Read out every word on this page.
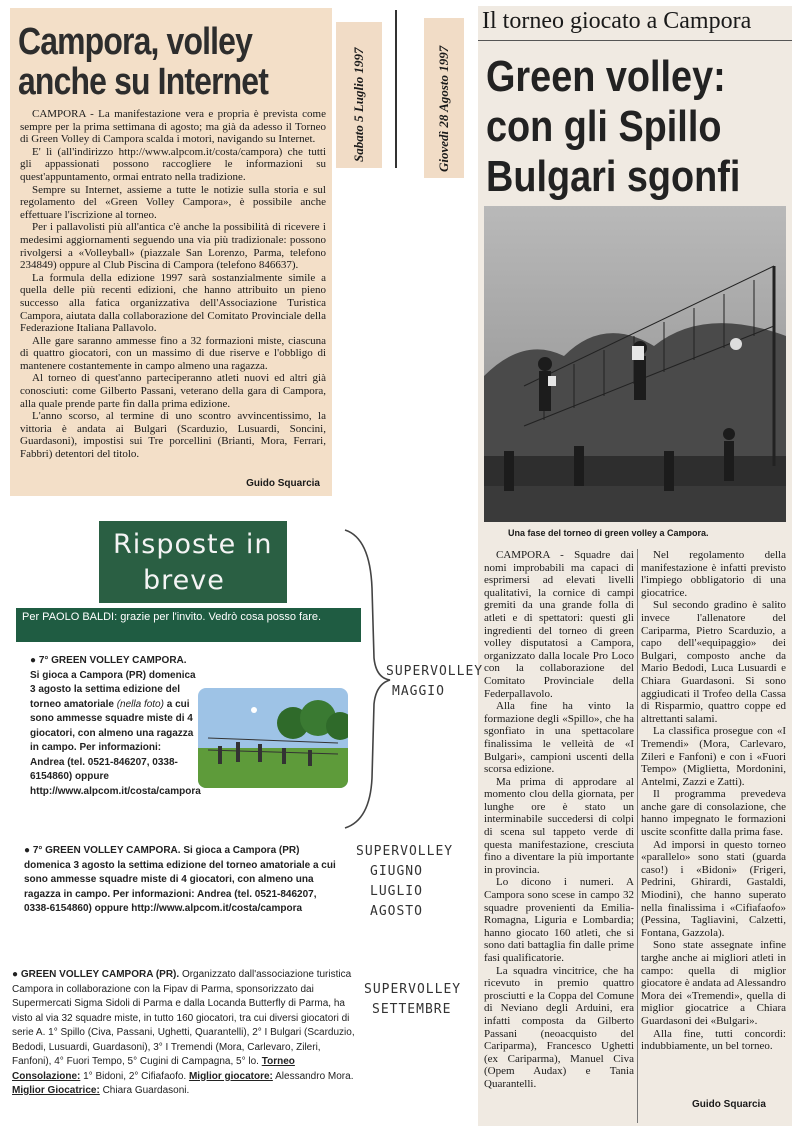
Campora, volley
anche su Internet

CAMPORA - La manifestazione vera e propria è prevista come sempre per la prima settimana di agosto; ma già da adesso il Torneo di Green Volley di Campora scalda i motori, navigando su Internet.

E' lì (all'indirizzo http://www.alpcom.it/costa/campora) che tutti gli appassionati possono raccogliere le informazioni su quest'appuntamento, ormai entrato nella tradizione.

Sempre su Internet, assieme a tutte le notizie sulla storia e sul regolamento del «Green Volley Campora», è possibile anche effettuare l'iscrizione al torneo.

Per i pallavolisti più all'antica c'è anche la possibilità di ricevere i medesimi aggiornamenti seguendo una via più tradizionale: possono rivolgersi a «Volleyball» (piazzale San Lorenzo, Parma, telefono 234849) oppure al Club Piscina di Campora (telefono 846637).

La formula della edizione 1997 sarà sostanzialmente simile a quella delle più recenti edizioni, che hanno attribuito un pieno successo alla fatica organizzativa dell'Associazione Turistica Campora, aiutata dalla collaborazione del Comitato Provinciale della Federazione Italiana Pallavolo.

Alle gare saranno ammesse fino a 32 formazioni miste, ciascuna di quattro giocatori, con un massimo di due riserve e l'obbligo di mantenere costantemente in campo almeno una ragazza.

Al torneo di quest'anno parteciperanno atleti nuovi ed altri già conosciuti: come Gilberto Passani, veterano della gara di Campora, alla quale prende parte fin dalla prima edizione.

L'anno scorso, al termine di uno scontro avvincentissimo, la vittoria è andata ai Bulgari (Scarduzio, Lusuardi, Soncini, Guardasoni), impostisi sui Tre porcellini (Brianti, Mora, Ferrari, Fabbri) detentori del titolo.

Guido Squarcia
Sabato 5 Luglio 1997	Giovedì 28 Agosto 1997
Il torneo giocato a Campora
Green volley:
con gli Spillo
Bulgari sgonfi
Una fase del torneo di green volley a Campora.

CAMPORA - Squadre dai nomi improbabili ma capaci di esprimersi ad elevati livelli qualitativi, la cornice di campi gremiti da una grande folla di atleti e di spettatori: questi gli ingredienti del torneo di green volley disputatosi a Campora, organizzato dalla locale Pro Loco con la collaborazione del Comitato Provinciale della Federpallavolo.

Alla fine ha vinto la formazione degli «Spillo», che ha sgonfiato in una spettacolare finalissima le velleità de «I Bulgari», campioni uscenti della scorsa edizione.

Ma prima di approdare al momento clou della giornata, per lunghe ore è stato un interminabile succedersi di colpi di scena sul tappeto verde di questa manifestazione, cresciuta fino a diventare la più importante in provincia.

Lo dicono i numeri. A Campora sono scese in campo 32 squadre provenienti da Emilia-Romagna, Liguria e Lombardia; hanno giocato 160 atleti, che si sono dati battaglia fin dalle prime fasi qualificatorie.

La squadra vincitrice, che ha ricevuto in premio quattro prosciutti e la Coppa del Comune di Neviano degli Arduini, era infatti composta da Gilberto Passani (neoacquisto del Cariparma), Francesco Ughetti (ex Cariparma), Manuel Civa (Opem Audax) e Tania Quarantelli.

Nel regolamento della manifestazione è infatti previsto l'impiego obbligatorio di una giocatrice.

Sul secondo gradino è salito invece l'allenatore del Cariparma, Pietro Scarduzio, a capo dell'«equipaggio» dei Bulgari, composto anche da Mario Bedodi, Luca Lusuardi e Chiara Guardasoni. Si sono aggiudicati il Trofeo della Cassa di Risparmio, quattro coppe ed altrettanti salami.

La classifica prosegue con «I Tremendi» (Mora, Carlevaro, Zileri e Fanfoni) e con i «Fuori Tempo» (Miglietta, Mordonini, Antelmi, Zazzi e Zatti).

Il programma prevedeva anche gare di consolazione, che hanno impegnato le formazioni uscite sconfitte dalla prima fase.

Ad imporsi in questo torneo «parallelo» sono stati (guarda caso!) i «Bidoni» (Frigeri, Pedrini, Ghirardi, Gastaldi, Miodini), che hanno superato nella finalissima i «Cifiafaofo» (Pessina, Tagliavini, Calzetti, Fontana, Gazzola).

Sono state assegnate infine targhe anche ai migliori atleti in campo: quella di miglior giocatore è andata ad Alessandro Mora dei «Tremendi», quella di miglior giocatrice a Chiara Guardasoni dei «Bulgari».

Alla fine, tutti concordi: indubbiamente, un bel torneo.

Guido Squarcia
Risposte in
breve
Per PAOLO BALDI: grazie per l'invito. Vedrò cosa posso fare.
● 7° GREEN VOLLEY CAMPORA. Si gioca a Campora (PR) domenica 3 agosto la settima edizione del torneo amatoriale (nella foto) a cui sono ammesse squadre miste di 4 giocatori, con almeno una ragazza in campo. Per informazioni: Andrea (tel. 0521-846207, 0338-6154860) oppure http://www.alpcom.it/costa/campora
SUPERVOLLEY
MAGGIO
● 7° GREEN VOLLEY CAMPORA. Si gioca a Campora (PR) domenica 3 agosto la settima edizione del torneo amatoriale a cui sono ammesse squadre miste di 4 giocatori, con almeno una ragazza in campo. Per informazioni: Andrea (tel. 0521-846207, 0338-6154860) oppure http://www.alpcom.it/costa/campora
SUPERVOLLEY
GIUGNO
LUGLIO
AGOSTO
● GREEN VOLLEY CAMPORA (PR). Organizzato dall'associazione turistica Campora in collaborazione con la Fipav di Parma, sponsorizzato dai Supermercati Sigma Sidoli di Parma e dalla Locanda Butterfly di Parma, ha visto al via 32 squadre miste, in tutto 160 giocatori, tra cui diversi giocatori di serie A. 1° Spillo (Civa, Passani, Ughetti, Quarantelli), 2° I Bulgari (Scarduzio, Bedodi, Lusuardi, Guardasoni), 3° I Tremendi (Mora, Carlevaro, Zileri, Fanfoni), 4° Fuori Tempo, 5° Cugini di Campagna, 5° lo. Torneo Consolazione: 1° Bidoni, 2° Cifiafaofo. Miglior giocatore: Alessandro Mora. Miglior Giocatrice: Chiara Guardasoni.
SUPERVOLLEY
SETTEMBRE
